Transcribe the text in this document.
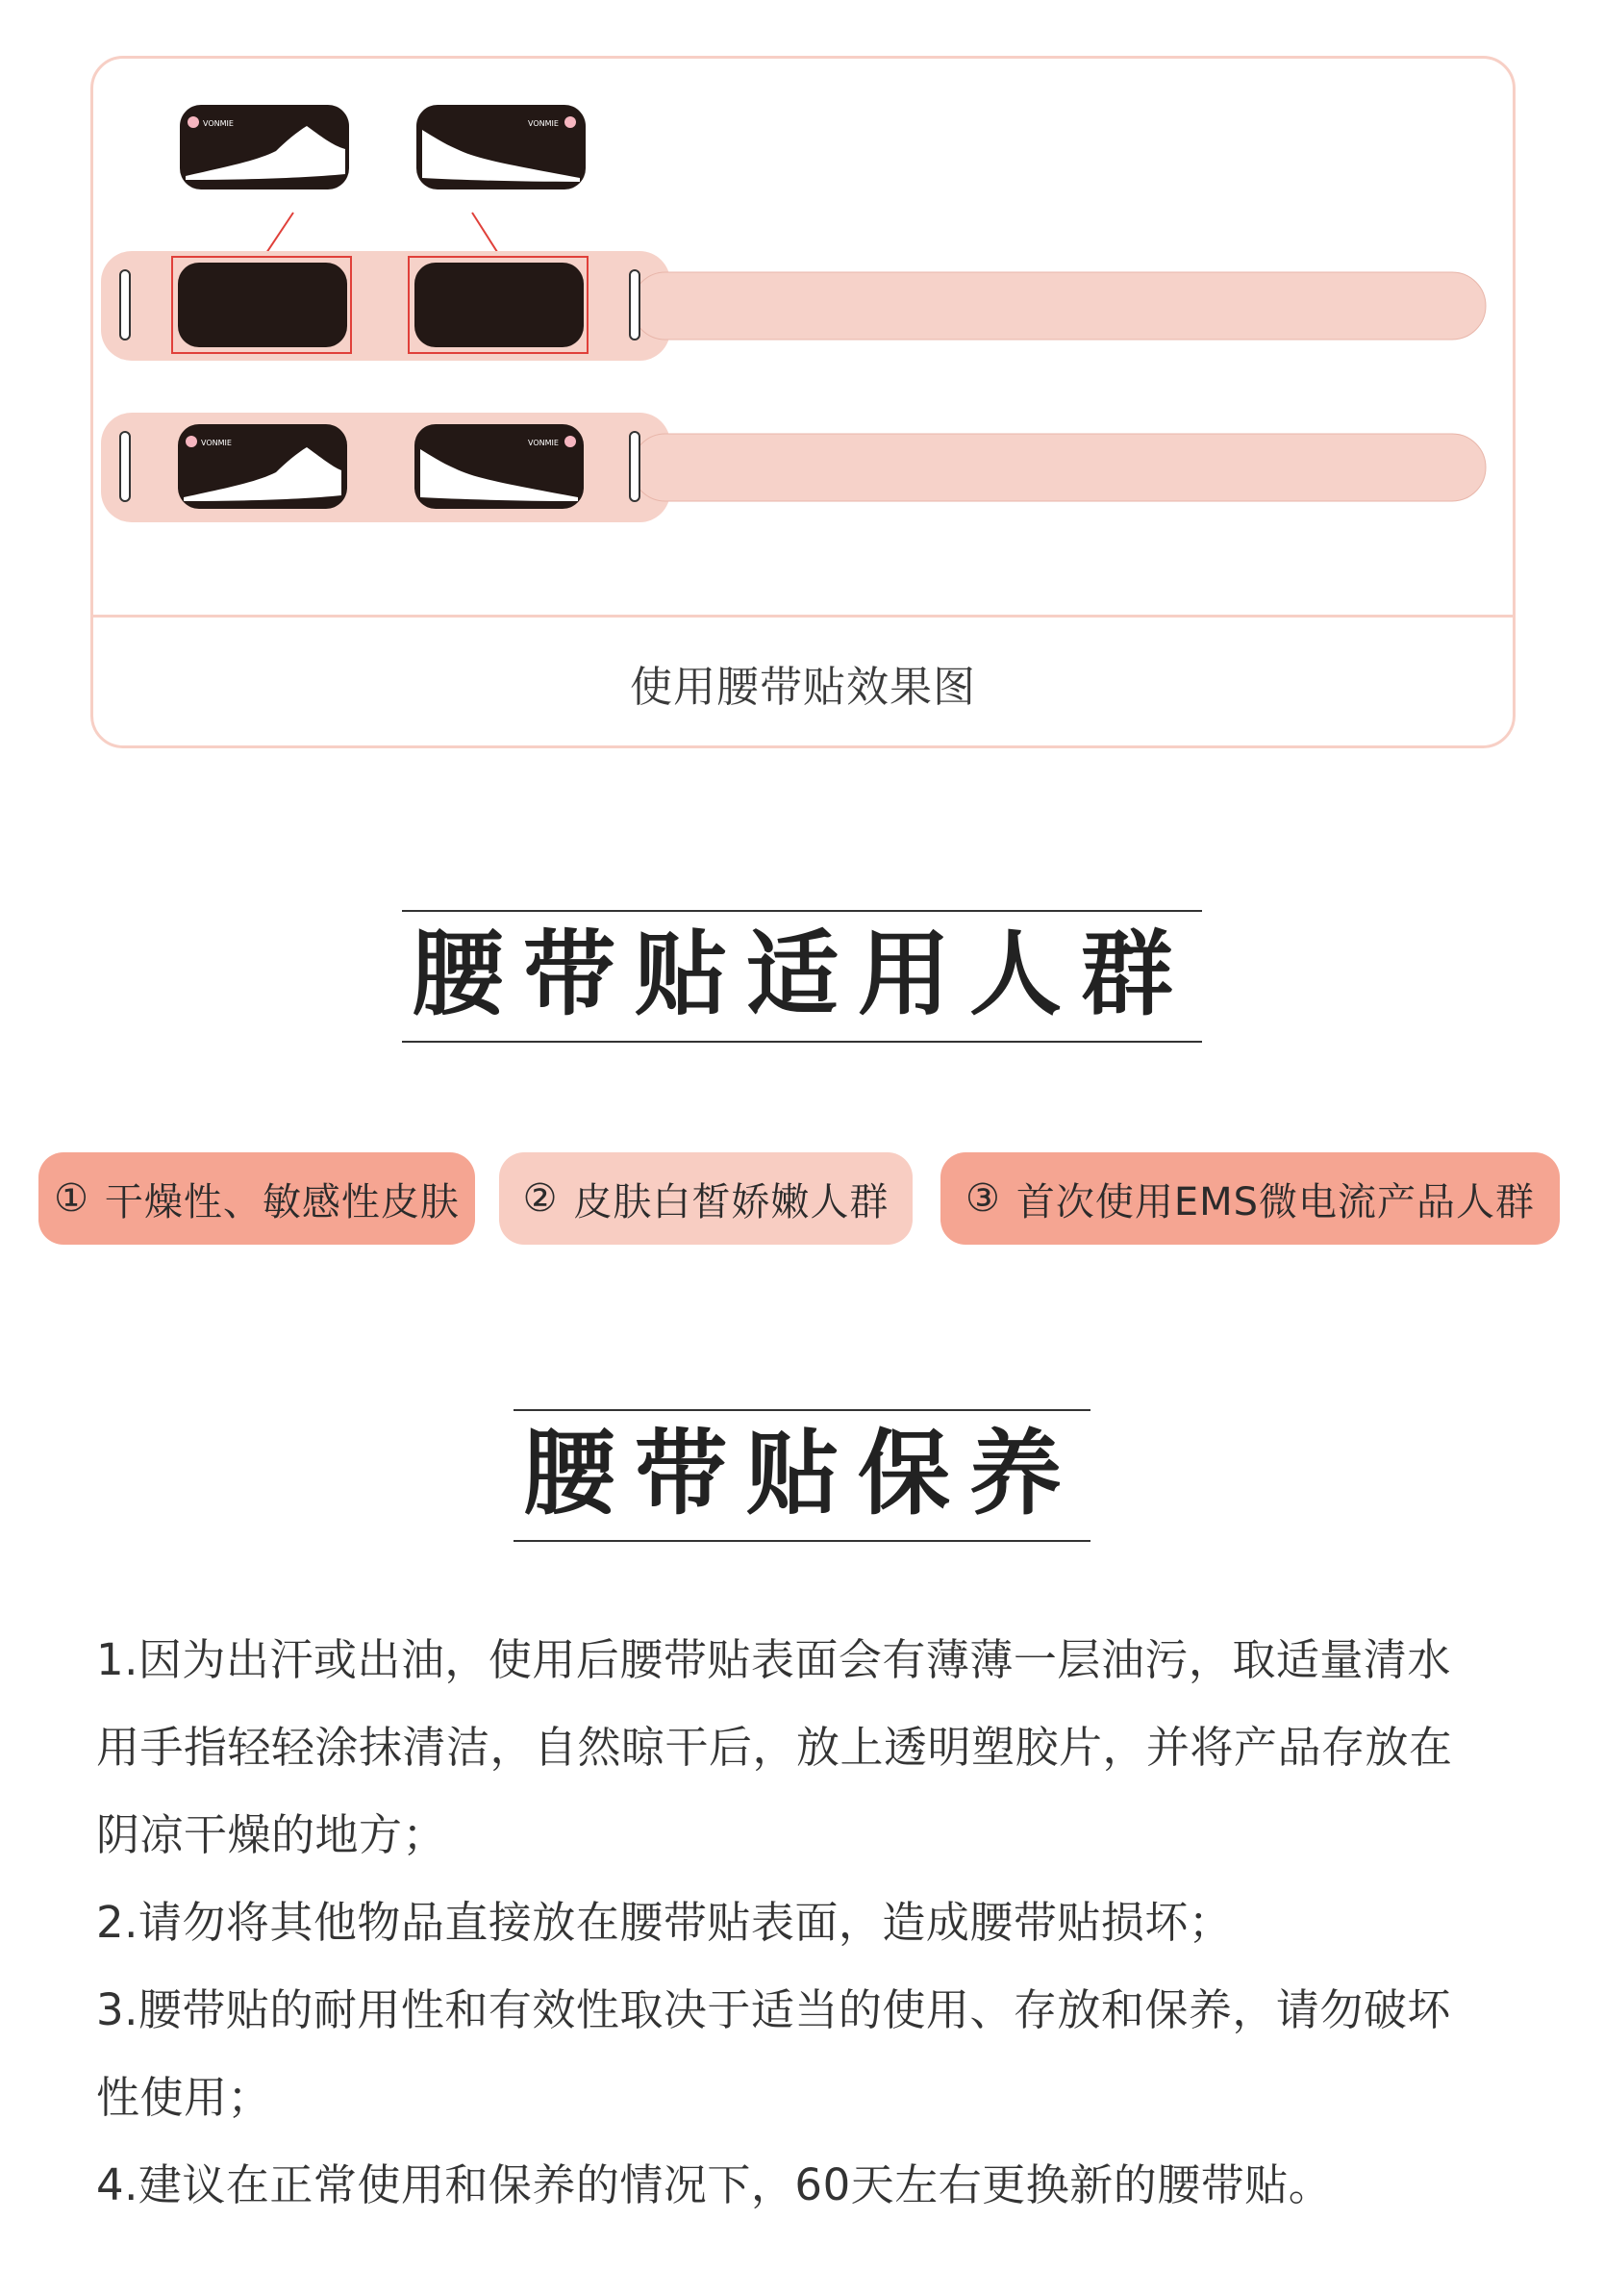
VONMIE	VONMIE
VONMIE	VONMIE
使用腰带贴效果图
腰带贴适用人群
① 干燥性、敏感性皮肤 ② 皮肤白皙娇嫩人群 ③ 首次使用EMS微电流产品人群
腰带贴保养

1.因为出汗或出油，使用后腰带贴表面会有薄薄一层油污，取适量清水

用手指轻轻涂抹清洁，自然晾干后，放上透明塑胶片，并将产品存放在

阴凉干燥的地方；

2.请勿将其他物品直接放在腰带贴表面，造成腰带贴损坏；

3.腰带贴的耐用性和有效性取决于适当的使用、存放和保养，请勿破坏

性使用；

4.建议在正常使用和保养的情况下，60天左右更换新的腰带贴。
